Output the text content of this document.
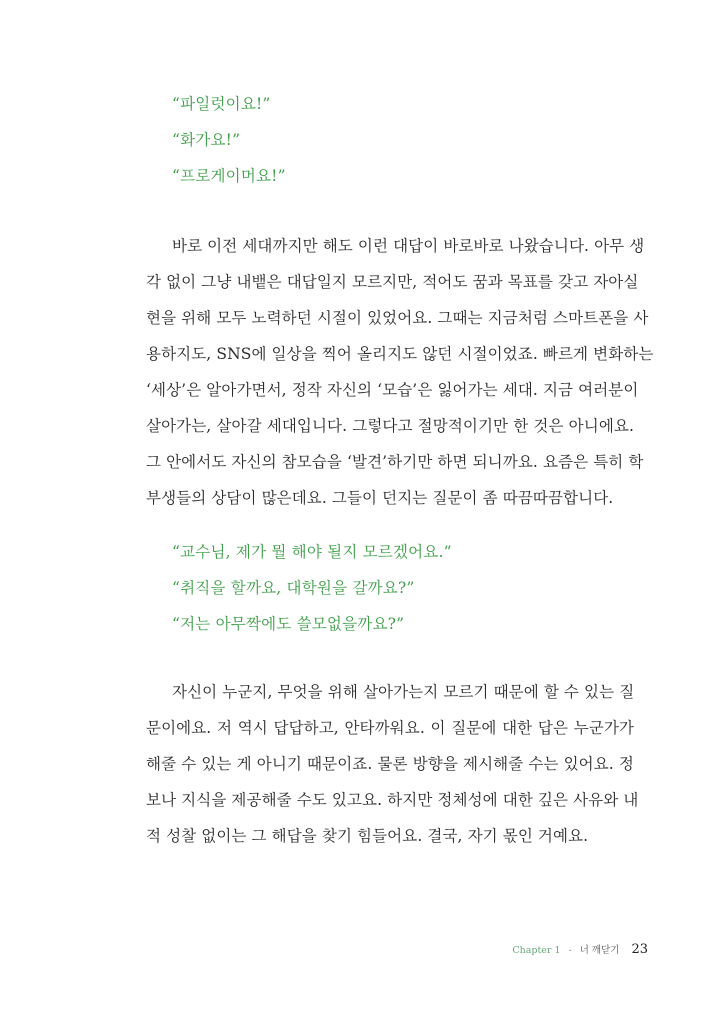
“파일럿이요!”
“화가요!”
“프로게이머요!”
바로 이전 세대까지만 해도 이런 대답이 바로바로 나왔습니다. 아무 생
각 없이 그냥 내뱉은 대답일지 모르지만, 적어도 꿈과 목표를 갖고 자아실
현을 위해 모두 노력하던 시절이 있었어요. 그때는 지금처럼 스마트폰을 사
용하지도, SNS에 일상을 찍어 올리지도 않던 시절이었죠. 빠르게 변화하는
‘세상’은 알아가면서, 정작 자신의 ‘모습’은 잃어가는 세대. 지금 여러분이
살아가는, 살아갈 세대입니다. 그렇다고 절망적이기만 한 것은 아니에요.
그 안에서도 자신의 참모습을 ‘발견’하기만 하면 되니까요. 요즘은 특히 학
부생들의 상담이 많은데요. 그들이 던지는 질문이 좀 따끔따끔합니다.
“교수님, 제가 뭘 해야 될지 모르겠어요.”
“취직을 할까요, 대학원을 갈까요?”
“저는 아무짝에도 쓸모없을까요?”
자신이 누군지, 무엇을 위해 살아가는지 모르기 때문에 할 수 있는 질
문이에요. 저 역시 답답하고, 안타까워요. 이 질문에 대한 답은 누군가가
해줄 수 있는 게 아니기 때문이죠. 물론 방향을 제시해줄 수는 있어요. 정
보나 지식을 제공해줄 수도 있고요. 하지만 정체성에 대한 깊은 사유와 내
적 성찰 없이는 그 해답을 찾기 힘들어요. 결국, 자기 몫인 거예요.
Chapter 1 - 너 깨닫기 23
